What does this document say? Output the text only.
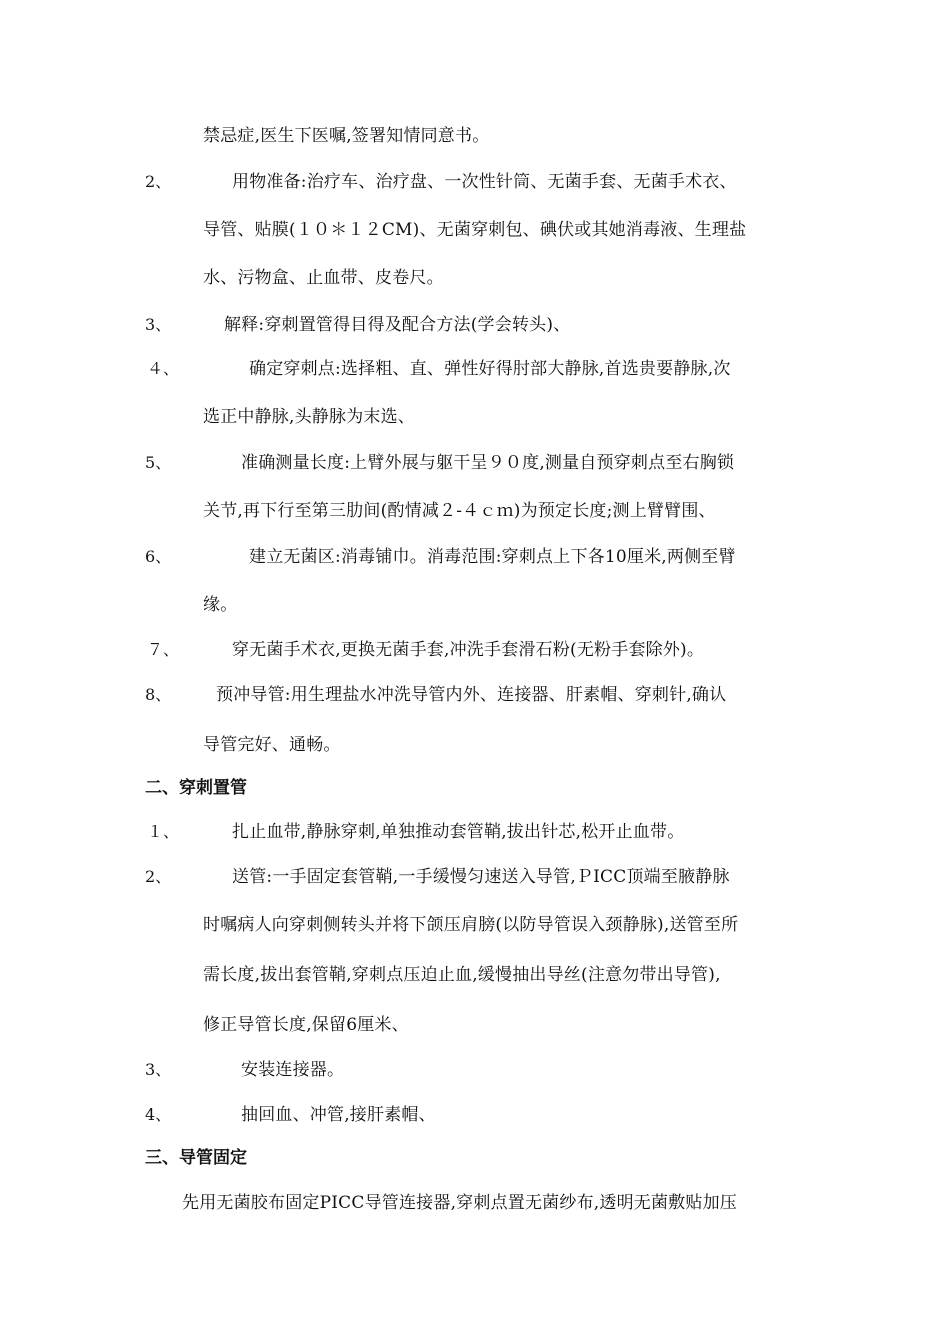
禁忌症,医生下医嘱,签署知情同意书。
2、	用物准备:治疗车、治疗盘、一次性针筒、无菌手套、无菌手术衣、
导管、贴膜(１０＊１２CM)、无菌穿刺包、碘伏或其她消毒液、生理盐
水、污物盒、止血带、皮卷尺。
3、	解释:穿刺置管得目得及配合方法(学会转头)、
４、	确定穿刺点:选择粗、直、弹性好得肘部大静脉,首选贵要静脉,次
选正中静脉,头静脉为末选、
5、	准确测量长度:上臂外展与躯干呈９０度,测量自预穿刺点至右胸锁
关节,再下行至第三肋间(酌情减２-４ｃｍ)为预定长度;测上臂臂围、
6、	建立无菌区:消毒铺巾。消毒范围:穿刺点上下各10厘米,两侧至臂
缘。
７、	穿无菌手术衣,更换无菌手套,冲洗手套滑石粉(无粉手套除外)。
8、	预冲导管:用生理盐水冲洗导管内外、连接器、肝素帽、穿刺针,确认
导管完好、通畅。
二、穿刺置管
１、	扎止血带,静脉穿刺,单独推动套管鞘,拔出针芯,松开止血带。
2、	送管:一手固定套管鞘,一手缓慢匀速送入导管,ＰICC顶端至腋静脉
时嘱病人向穿刺侧转头并将下颌压肩膀(以防导管误入颈静脉),送管至所
需长度,拔出套管鞘,穿刺点压迫止血,缓慢抽出导丝(注意勿带出导管),
修正导管长度,保留6厘米、
3、	安装连接器。
4、	抽回血、冲管,接肝素帽、
三、导管固定
先用无菌胶布固定PICC导管连接器,穿刺点置无菌纱布,透明无菌敷贴加压
